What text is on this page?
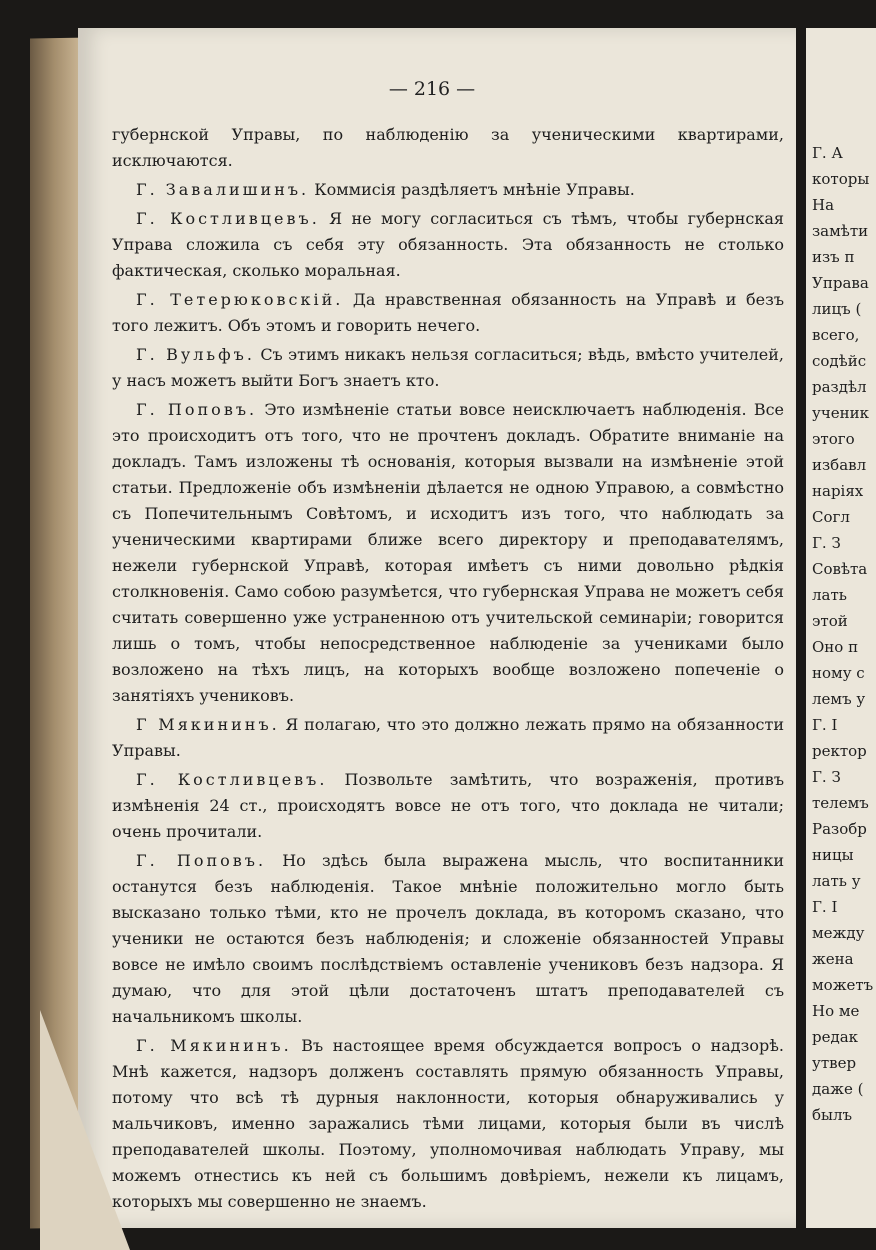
— 216 —

губернской Управы, по наблюденiю за ученическими квартирами, исключаются.

Г. Завалишинъ. Коммисiя раздѣляетъ мнѣнiе Управы.

Г. Костливцевъ. Я не могу согласиться съ тѣмъ, чтобы губернская Управа сложила съ себя эту обязанность. Эта обязанность не столько фактическая, сколько моральная.

Г. Тетерюковскiй. Да нравственная обязанность на Управѣ и безъ того лежитъ. Объ этомъ и говорить нечего.

Г. Вульфъ. Съ этимъ никакъ нельзя согласиться; вѣдь, вмѣсто учителей, у насъ можетъ выйти Богъ знаетъ кто.

Г. Поповъ. Это измѣненiе статьи вовсе неисключаетъ наблюденiя. Все это происходитъ отъ того, что не прочтенъ докладъ. Обратите вниманiе на докладъ. Тамъ изложены тѣ основанiя, которыя вызвали на измѣненiе этой статьи. Предложенiе объ измѣненiи дѣлается не одною Управою, а совмѣстно съ Попечительнымъ Совѣтомъ, и исходитъ изъ того, что наблюдать за ученическими квартирами ближе всего директору и преподавателямъ, нежели губернской Управѣ, которая имѣетъ съ ними довольно рѣдкiя столкновенiя. Само собою разумѣется, что губернская Управа не можетъ себя считать совершенно уже устраненною отъ учительской семинарiи; говорится лишь о томъ, чтобы непосредственное наблюденiе за учениками было возложено на тѣхъ лицъ, на которыхъ вообще возложено попеченiе о занятiяхъ учениковъ.

Г Мякининъ. Я полагаю, что это должно лежать прямо на обязанности Управы.

Г. Костливцевъ. Позвольте замѣтить, что возраженiя, противъ измѣненiя 24 ст., происходятъ вовсе не отъ того, что доклада не читали; очень прочитали.

Г. Поповъ. Но здѣсь была выражена мысль, что воспитанники останутся безъ наблюденiя. Такое мнѣнiе положительно могло быть высказано только тѣми, кто не прочелъ доклада, въ которомъ сказано, что ученики не остаются безъ наблюденiя; и сложенiе обязанностей Управы вовсе не имѣло своимъ послѣдствiемъ оставленiе учениковъ безъ надзора. Я думаю, что для этой цѣли достаточенъ штатъ преподавателей съ начальникомъ школы.

Г. Мякининъ. Въ настоящее время обсуждается вопросъ о надзорѣ. Мнѣ кажется, надзоръ долженъ составлять прямую обязанность Управы, потому что всѣ тѣ дурныя наклонности, которыя обнаруживались у мальчиковъ, именно заражались тѣми лицами, которыя были въ числѣ преподавателей школы. Поэтому, уполномочивая наблюдать Управу, мы можемъ отнестись къ ней съ большимъ довѣрiемъ, нежели къ лицамъ, которыхъ мы совершенно не знаемъ.

Г. А
которы
На
замѣти
изъ п
Управа
лицъ (
всего,
содѣйс
раздѣл
ученик
этого
избавл
нарiях
Согл
Г. З
Совѣта
лать
этой
Оно п
ному с
лемъ у
Г. I
ректор
Г. З
телемъ
Разобр
ницы
лать у
Г. I
между
жена
можетъ
Но ме
редак
утвер
даже (
былъ
